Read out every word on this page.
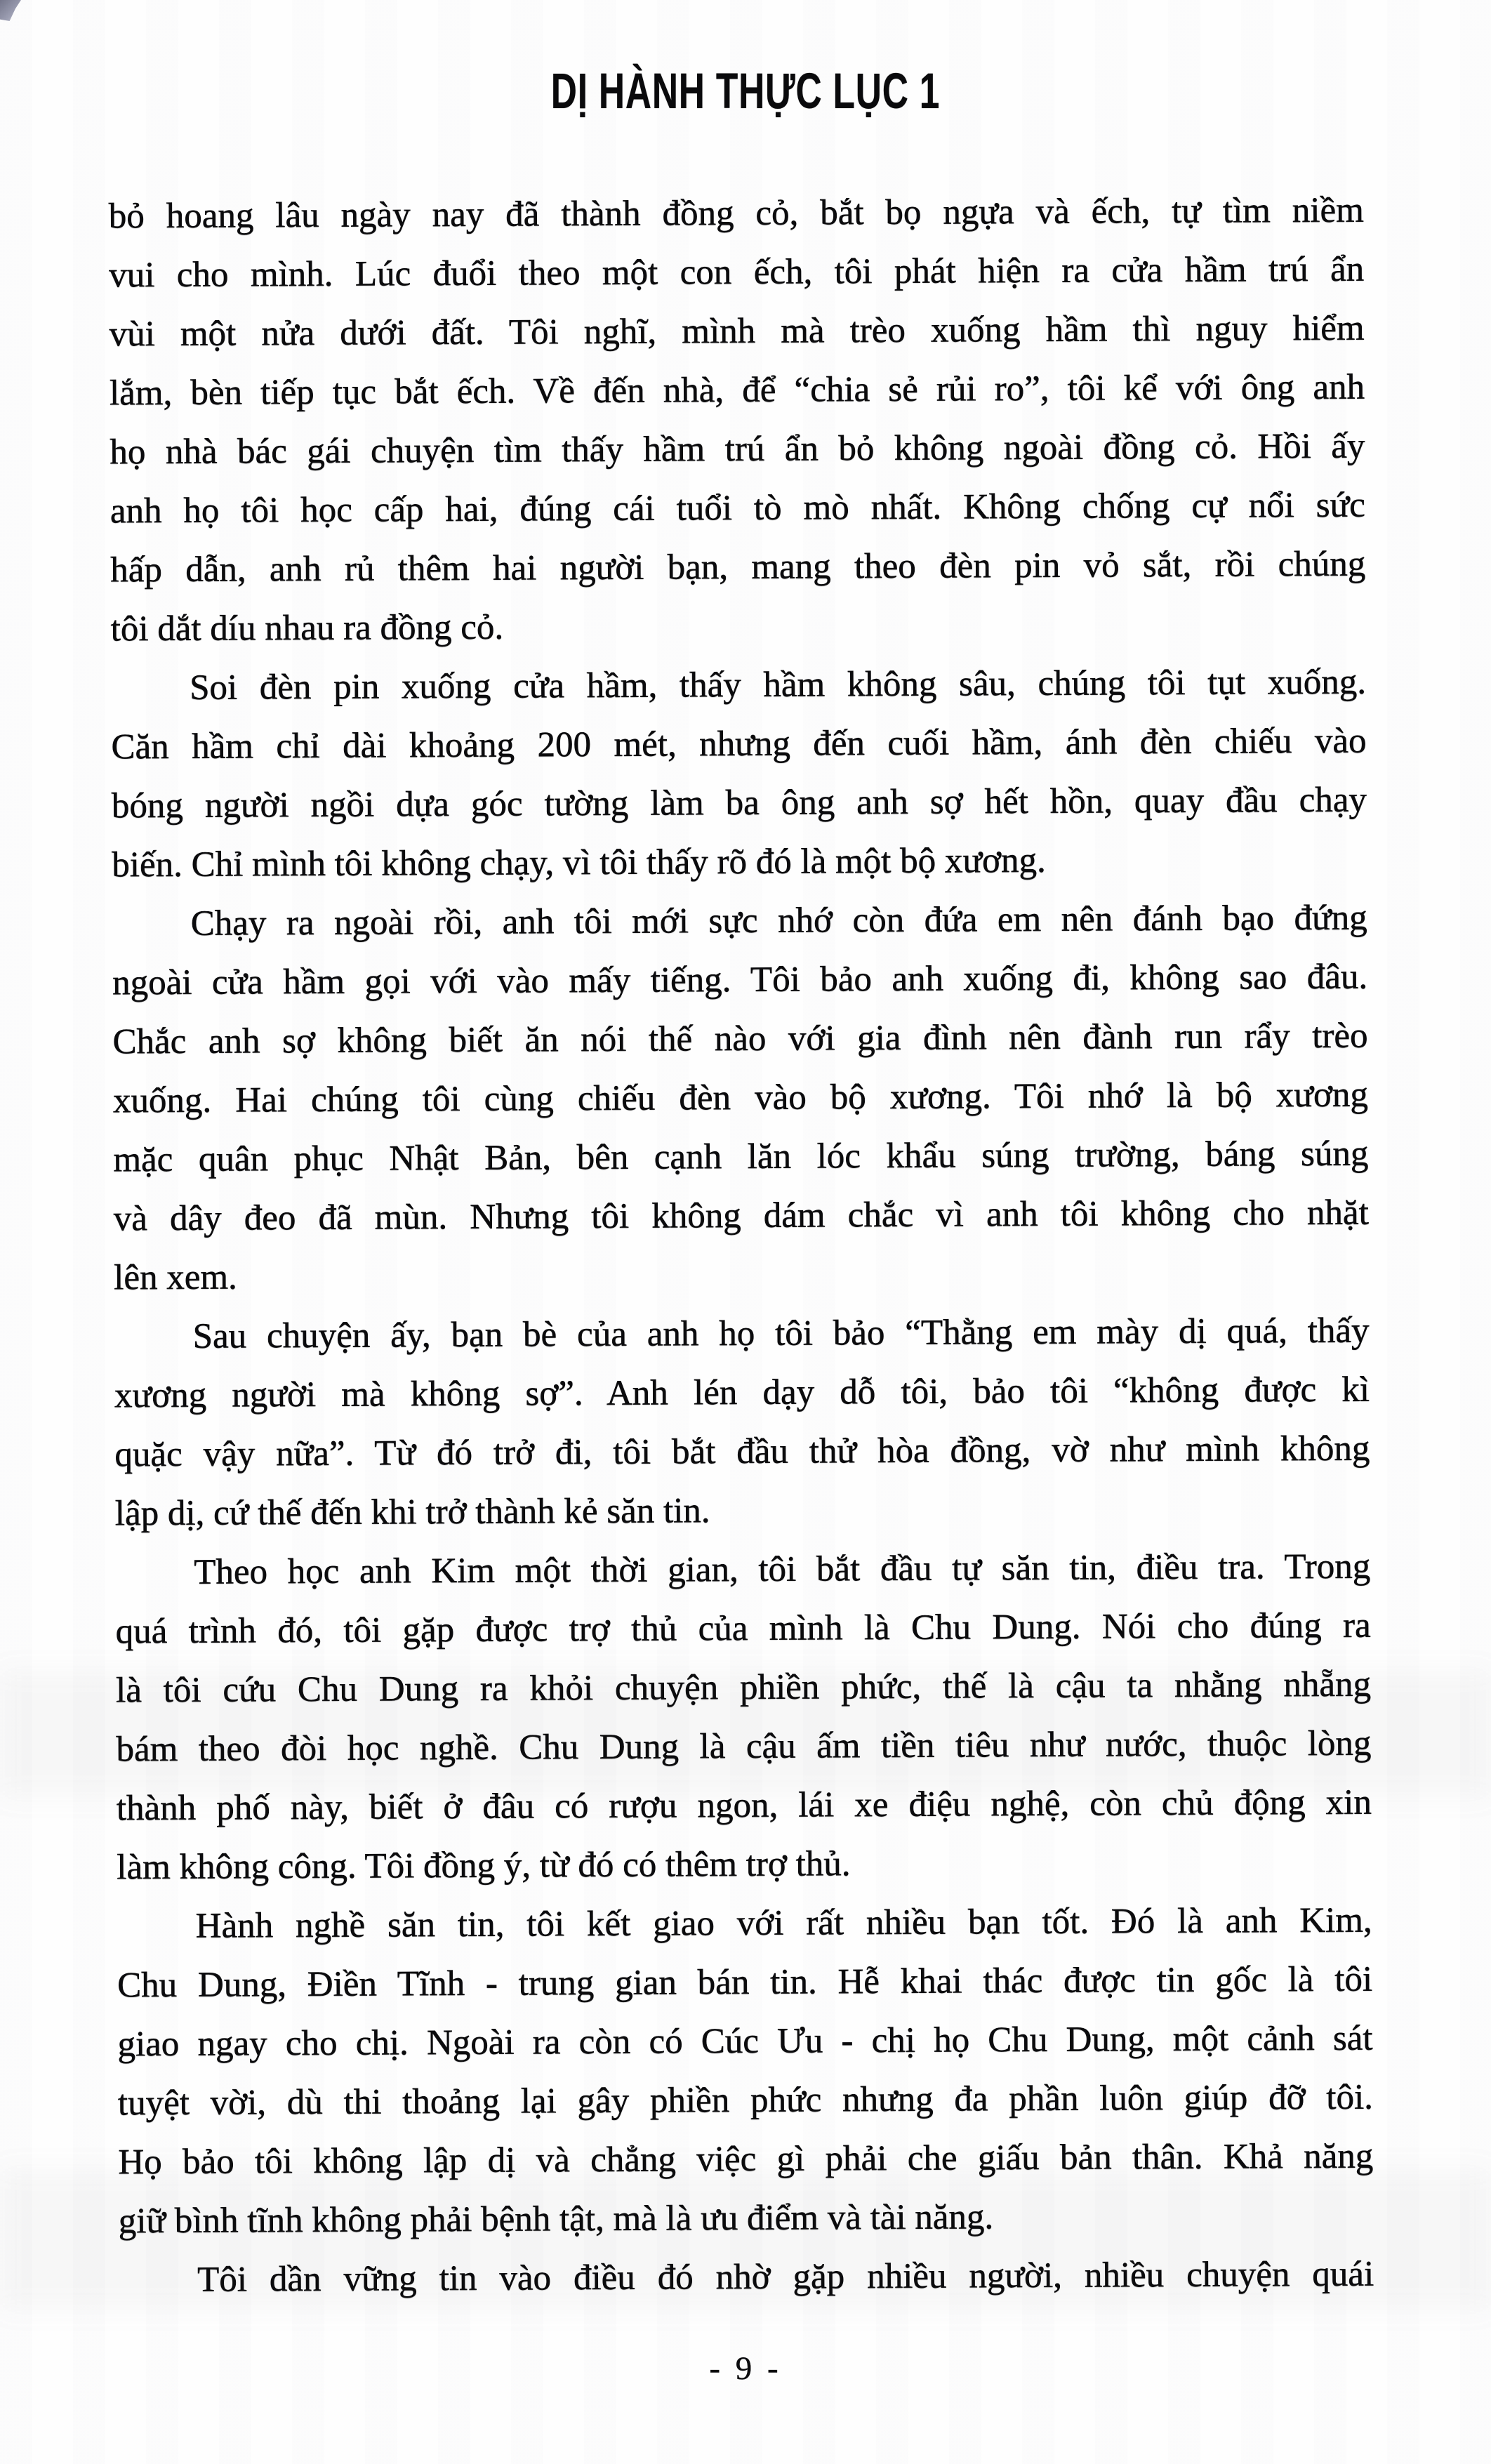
DỊ HÀNH THỰC LỤC 1
bỏ hoang lâu ngày nay đã thành đồng cỏ, bắt bọ ngựa và ếch, tự tìm niềm
vui cho mình. Lúc đuổi theo một con ếch, tôi phát hiện ra cửa hầm trú ẩn
vùi một nửa dưới đất. Tôi nghĩ, mình mà trèo xuống hầm thì nguy hiểm
lắm, bèn tiếp tục bắt ếch. Về đến nhà, để “chia sẻ rủi ro”, tôi kể với ông anh
họ nhà bác gái chuyện tìm thấy hầm trú ẩn bỏ không ngoài đồng cỏ. Hồi ấy
anh họ tôi học cấp hai, đúng cái tuổi tò mò nhất. Không chống cự nổi sức
hấp dẫn, anh rủ thêm hai người bạn, mang theo đèn pin vỏ sắt, rồi chúng
tôi dắt díu nhau ra đồng cỏ.
Soi đèn pin xuống cửa hầm, thấy hầm không sâu, chúng tôi tụt xuống.
Căn hầm chỉ dài khoảng 200 mét, nhưng đến cuối hầm, ánh đèn chiếu vào
bóng người ngồi dựa góc tường làm ba ông anh sợ hết hồn, quay đầu chạy
biến. Chỉ mình tôi không chạy, vì tôi thấy rõ đó là một bộ xương.
Chạy ra ngoài rồi, anh tôi mới sực nhớ còn đứa em nên đánh bạo đứng
ngoài cửa hầm gọi với vào mấy tiếng. Tôi bảo anh xuống đi, không sao đâu.
Chắc anh sợ không biết ăn nói thế nào với gia đình nên đành run rẩy trèo
xuống. Hai chúng tôi cùng chiếu đèn vào bộ xương. Tôi nhớ là bộ xương
mặc quân phục Nhật Bản, bên cạnh lăn lóc khẩu súng trường, báng súng
và dây đeo đã mùn. Nhưng tôi không dám chắc vì anh tôi không cho nhặt
lên xem.
Sau chuyện ấy, bạn bè của anh họ tôi bảo “Thằng em mày dị quá, thấy
xương người mà không sợ”. Anh lén dạy dỗ tôi, bảo tôi “không được kì
quặc vậy nữa”. Từ đó trở đi, tôi bắt đầu thử hòa đồng, vờ như mình không
lập dị, cứ thế đến khi trở thành kẻ săn tin.
Theo học anh Kim một thời gian, tôi bắt đầu tự săn tin, điều tra. Trong
quá trình đó, tôi gặp được trợ thủ của mình là Chu Dung. Nói cho đúng ra
là tôi cứu Chu Dung ra khỏi chuyện phiền phức, thế là cậu ta nhằng nhẵng
bám theo đòi học nghề. Chu Dung là cậu ấm tiền tiêu như nước, thuộc lòng
thành phố này, biết ở đâu có rượu ngon, lái xe điệu nghệ, còn chủ động xin
làm không công. Tôi đồng ý, từ đó có thêm trợ thủ.
Hành nghề săn tin, tôi kết giao với rất nhiều bạn tốt. Đó là anh Kim,
Chu Dung, Điền Tĩnh - trung gian bán tin. Hễ khai thác được tin gốc là tôi
giao ngay cho chị. Ngoài ra còn có Cúc Ưu - chị họ Chu Dung, một cảnh sát
tuyệt vời, dù thi thoảng lại gây phiền phức nhưng đa phần luôn giúp đỡ tôi.
Họ bảo tôi không lập dị và chẳng việc gì phải che giấu bản thân. Khả năng
giữ bình tĩnh không phải bệnh tật, mà là ưu điểm và tài năng.
Tôi dần vững tin vào điều đó nhờ gặp nhiều người, nhiều chuyện quái
- 9 -
